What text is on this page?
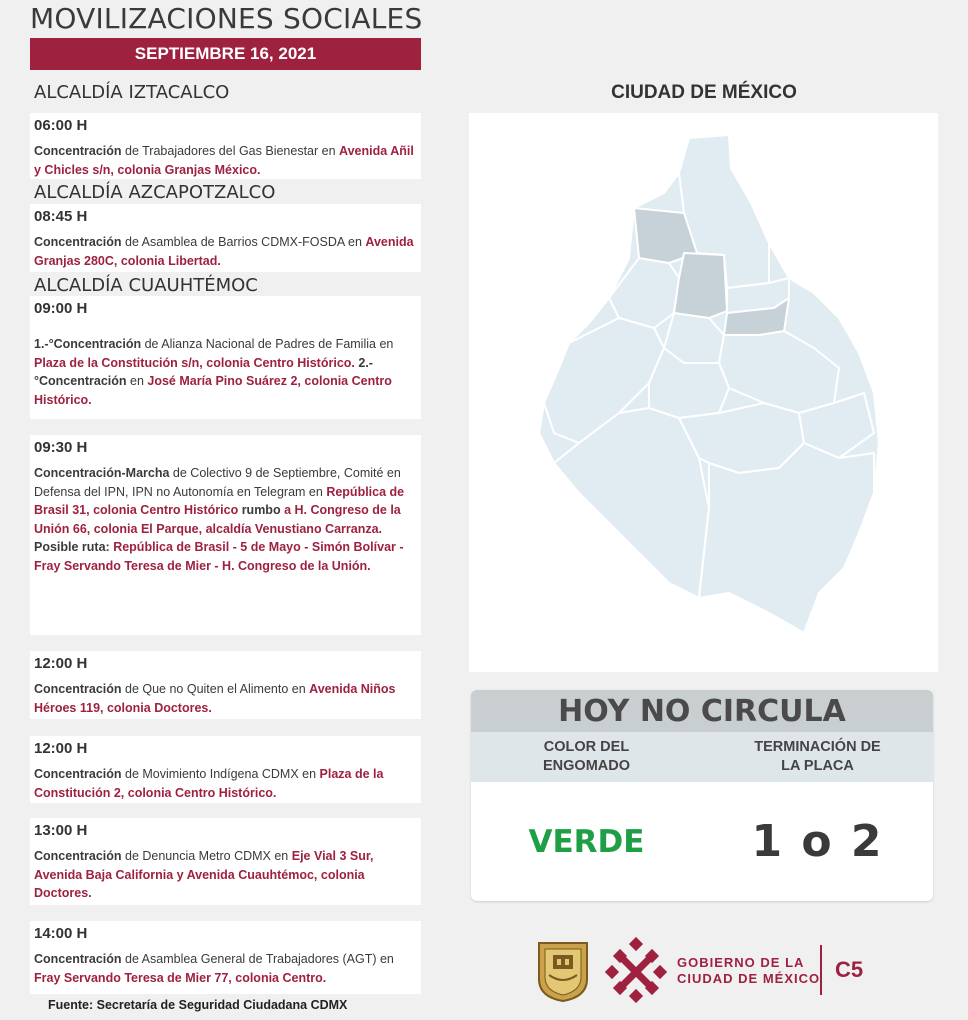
MOVILIZACIONES SOCIALES
SEPTIEMBRE 16, 2021
ALCALDÍA IZTACALCO
06:00 H
Concentración de Trabajadores del Gas Bienestar en Avenida Añil y Chicles s/n, colonia Granjas México.
ALCALDÍA AZCAPOTZALCO
08:45 H
Concentración de Asamblea de Barrios CDMX-FOSDA en Avenida Granjas 280C, colonia Libertad.
ALCALDÍA CUAUHTÉMOC
09:00 H
1.-°Concentración de Alianza Nacional de Padres de Familia en Plaza de la Constitución s/n, colonia Centro Histórico. 2.-°Concentración en José María Pino Suárez 2, colonia Centro Histórico.
09:30 H
Concentración-Marcha de Colectivo 9 de Septiembre, Comité en Defensa del IPN, IPN no Autonomía en Telegram en República de Brasil 31, colonia Centro Histórico rumbo a H. Congreso de la Unión 66, colonia El Parque, alcaldía Venustiano Carranza.
Posible ruta: República de Brasil - 5 de Mayo - Simón Bolívar - Fray Servando Teresa de Mier - H. Congreso de la Unión.
12:00 H
Concentración de Que no Quiten el Alimento en Avenida Niños Héroes 119, colonia Doctores.
12:00 H
Concentración de Movimiento Indígena CDMX en Plaza de la Constitución 2, colonia Centro Histórico.
13:00 H
Concentración de Denuncia Metro CDMX en Eje Vial 3 Sur, Avenida Baja California y Avenida Cuauhtémoc, colonia Doctores.
14:00 H
Concentración de Asamblea General de Trabajadores (AGT) en Fray Servando Teresa de Mier 77, colonia Centro.
Fuente: Secretaría de Seguridad Ciudadana CDMX
CIUDAD DE MÉXICO
HOY NO CIRCULA
COLOR DEL
ENGOMADO
TERMINACIÓN DE
LA PLACA
VERDE	1 o 2
GOBIERNO DE LA
CIUDAD DE MÉXICO C5
